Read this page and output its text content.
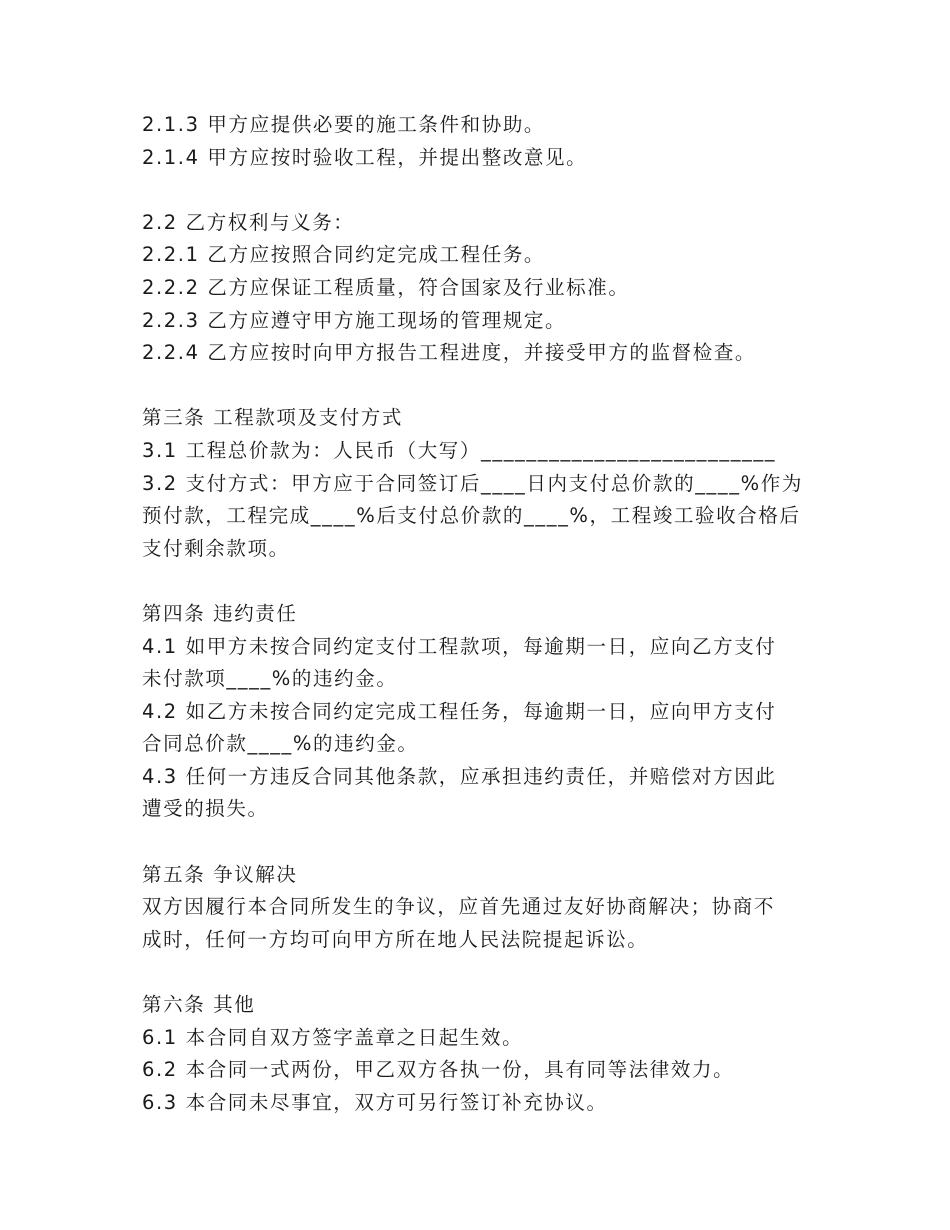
2.1.3 甲方应提供必要的施工条件和协助。
2.1.4 甲方应按时验收工程，并提出整改意见。
2.2 乙方权利与义务：
2.2.1 乙方应按照合同约定完成工程任务。
2.2.2 乙方应保证工程质量，符合国家及行业标准。
2.2.3 乙方应遵守甲方施工现场的管理规定。
2.2.4 乙方应按时向甲方报告工程进度，并接受甲方的监督检查。
第三条 工程款项及支付方式
3.1 工程总价款为：人民币（大写）__________________________
3.2 支付方式：甲方应于合同签订后____日内支付总价款的____%作为
预付款，工程完成____%后支付总价款的____%，工程竣工验收合格后
支付剩余款项。
第四条 违约责任
4.1 如甲方未按合同约定支付工程款项，每逾期一日，应向乙方支付
未付款项____%的违约金。
4.2 如乙方未按合同约定完成工程任务，每逾期一日，应向甲方支付
合同总价款____%的违约金。
4.3 任何一方违反合同其他条款，应承担违约责任，并赔偿对方因此
遭受的损失。
第五条 争议解决
双方因履行本合同所发生的争议，应首先通过友好协商解决；协商不
成时，任何一方均可向甲方所在地人民法院提起诉讼。
第六条 其他
6.1 本合同自双方签字盖章之日起生效。
6.2 本合同一式两份，甲乙双方各执一份，具有同等法律效力。
6.3 本合同未尽事宜，双方可另行签订补充协议。
